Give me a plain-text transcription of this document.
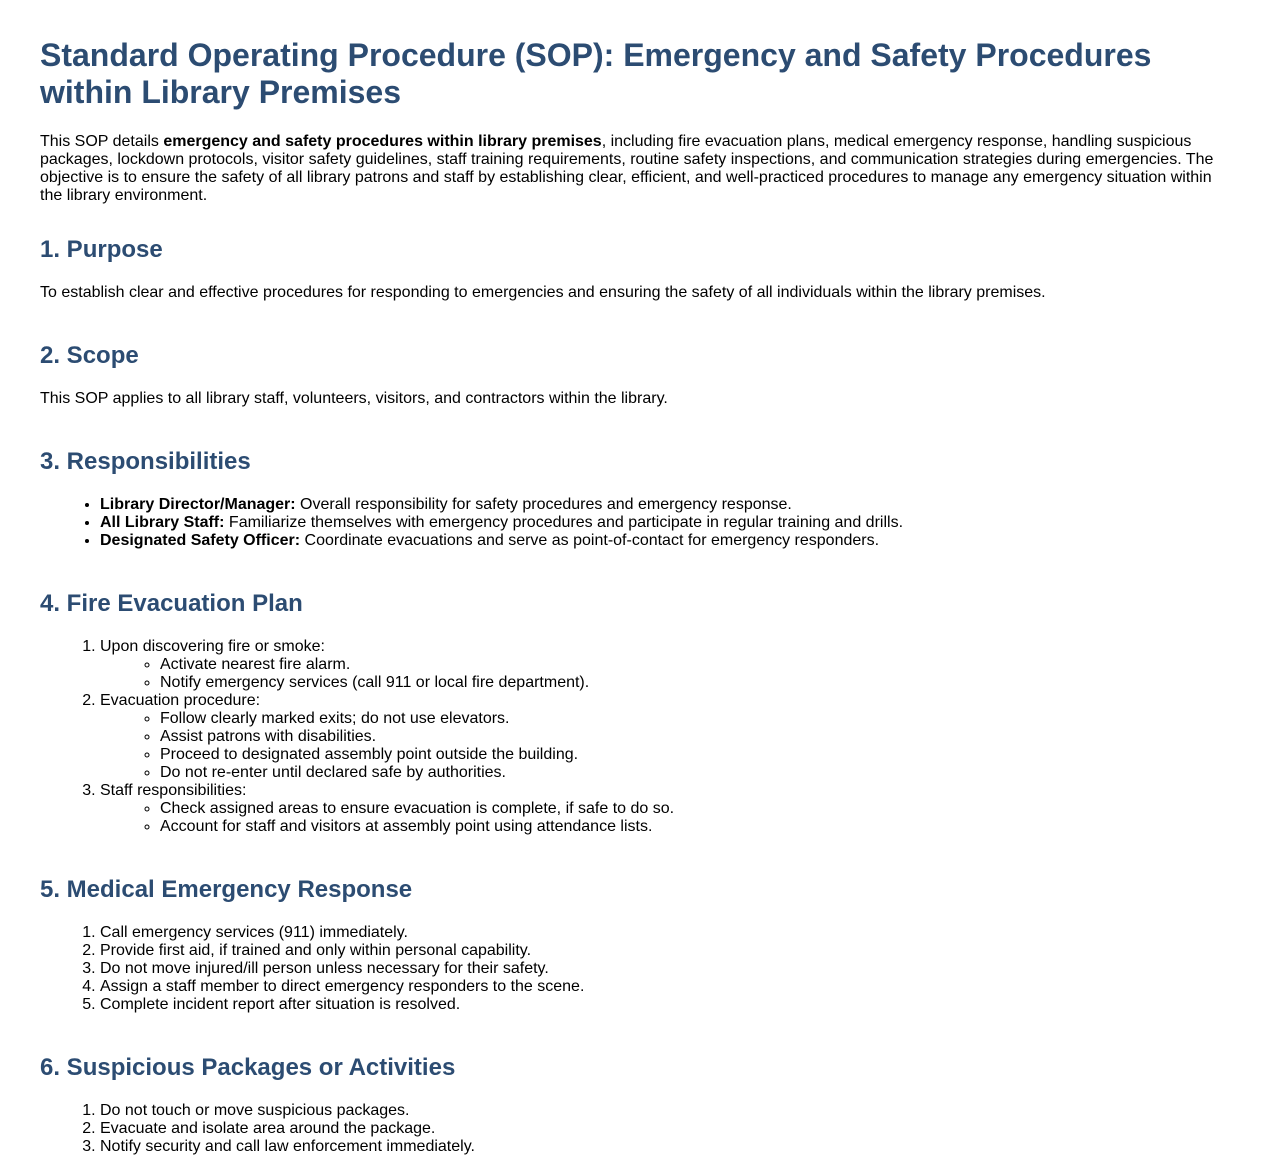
Standard Operating Procedure (SOP): Emergency and Safety Procedures within Library Premises

This SOP details emergency and safety procedures within library premises, including fire evacuation plans, medical emergency response, handling suspicious packages, lockdown protocols, visitor safety guidelines, staff training requirements, routine safety inspections, and communication strategies during emergencies. The objective is to ensure the safety of all library patrons and staff by establishing clear, efficient, and well-practiced procedures to manage any emergency situation within the library environment.

1. Purpose

To establish clear and effective procedures for responding to emergencies and ensuring the safety of all individuals within the library premises.

2. Scope

This SOP applies to all library staff, volunteers, visitors, and contractors within the library.

3. Responsibilities
• Library Director/Manager: Overall responsibility for safety procedures and emergency response.
• All Library Staff: Familiarize themselves with emergency procedures and participate in regular training and drills.
• Designated Safety Officer: Coordinate evacuations and serve as point-of-contact for emergency responders.
4. Fire Evacuation Plan
1. Upon discovering fire or smoke:
◦ Activate nearest fire alarm.
◦ Notify emergency services (call 911 or local fire department).
2. Evacuation procedure:
◦ Follow clearly marked exits; do not use elevators.
◦ Assist patrons with disabilities.
◦ Proceed to designated assembly point outside the building.
◦ Do not re-enter until declared safe by authorities.
3. Staff responsibilities:
◦ Check assigned areas to ensure evacuation is complete, if safe to do so.
◦ Account for staff and visitors at assembly point using attendance lists.
5. Medical Emergency Response
1. Call emergency services (911) immediately.
2. Provide first aid, if trained and only within personal capability.
3. Do not move injured/ill person unless necessary for their safety.
4. Assign a staff member to direct emergency responders to the scene.
5. Complete incident report after situation is resolved.
6. Suspicious Packages or Activities
1. Do not touch or move suspicious packages.
2. Evacuate and isolate area around the package.
3. Notify security and call law enforcement immediately.
